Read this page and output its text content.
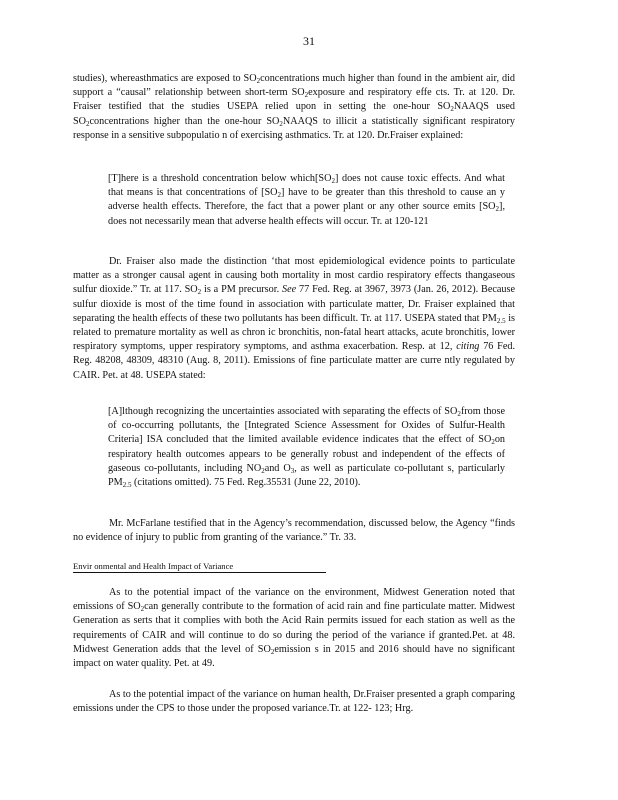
31
studies), whereasthmatics are exposed to $SO_2concentrations$ much higher than found in the ambient air, did support a “causal” relationship between short-term $SO_2exposure$ and respiratory effe cts. Tr. at 120. Dr. Fraiser testified that the studies USEPA relied upon in setting the one-hour $SO_2NAAQS$ used $SO_2concentrations$ higher than the one-hour $SO_2NAAQS$ to illicit a statistically significant respiratory response in a sensitive subpopulatio n of exercising asthmatics. Tr. at 120. Dr.Fraiser explained:
[T]here is a threshold concentration below $which[SO_2]$ does not cause toxic effects. And what that means is that concentrations of $[SO_2]$ have to be greater than this threshold to cause an y adverse health effects. Therefore, the fact that a power plant or any other source emits $[SO_2]$, does not necessarily mean that adverse health effects will occur. Tr. at 120-121
Dr. Fraiser also made the distinction ‘that most epidemiological evidence points to particulate matter as a stronger causal agent in causing both mortality in most cardio respiratory effects thangaseous sulfur dioxide.” Tr. at 117. $SO_2$ is a PM precursor. See 77 Fed. Reg. at 3967, 3973 (Jan. 26, 2012). Because sulfur dioxide is most of the time found in association with particulate matter, Dr. Fraiser explained that separating the health effects of these two pollutants has been difficult. Tr. at 117. USEPA stated that $PM_{2.5}$ is related to premature mortality as well as chron ic bronchitis, non-fatal heart attacks, acute bronchitis, lower respiratory symptoms, upper respiratory symptoms, and asthma exacerbation. Resp. at 12, citing 76 Fed. Reg. 48208, 48309, 48310 (Aug. 8, 2011). Emissions of fine particulate matter are curre ntly regulated by CAIR. Pet. at 48. USEPA stated:
[A]lthough recognizing the uncertainties associated with separating the effects of $SO_2from$ those of co-occurring pollutants, the [Integrated Science Assessment for Oxides of Sulfur-Health Criteria] ISA concluded that the limited available evidence indicates that the effect of $SO_2on$ respiratory health outcomes appears to be generally robust and independent of the effects of gaseous co-pollutants, including $NO_2and$ $O_3$, as well as particulate co-pollutant s, particularly $PM_{2.5}$ (citations omitted). 75 Fed. Reg.35531 (June 22, 2010).
Mr. McFarlane testified that in the Agency’s recommendation, discussed below, the Agency “finds no evidence of injury to public from granting of the variance.” Tr. 33.
Envir onmental and Health Impact of Variance
As to the potential impact of the variance on the environment, Midwest Generation noted that emissions of $SO_2can$ generally contribute to the formation of acid rain and fine particulate matter. Midwest Generation as serts that it complies with both the Acid Rain permits issued for each station as well as the requirements of CAIR and will continue to do so during the period of the variance if granted.Pet. at 48. Midwest Generation adds that the level of $SO_2emission$ s in 2015 and 2016 should have no significant impact on water quality. Pet. at 49.
As to the potential impact of the variance on human health, Dr.Fraiser presented a graph comparing emissions under the CPS to those under the proposed variance.Tr. at 122- 123; Hrg.
